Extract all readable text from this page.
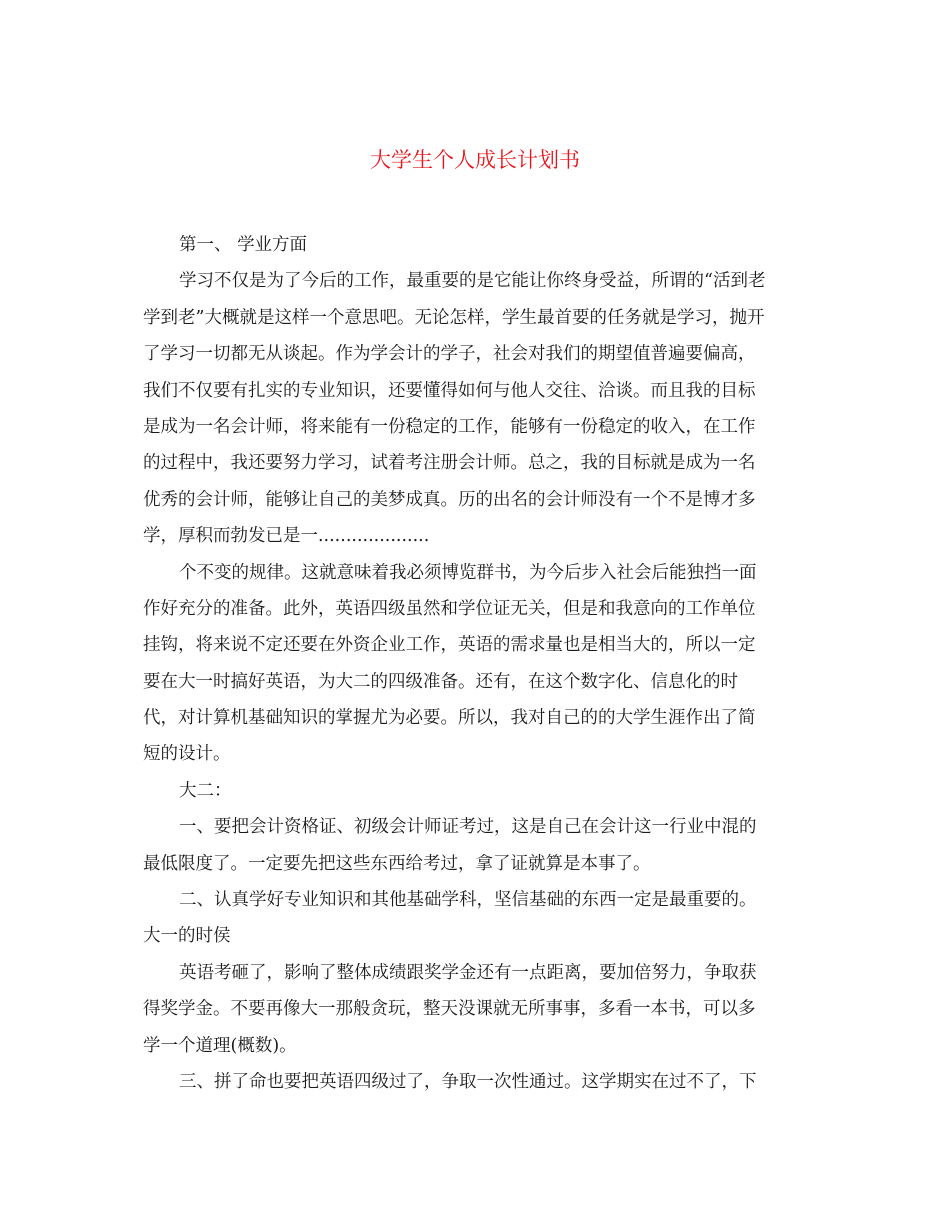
大学生个人成长计划书
第一、 学业方面
学习不仅是为了今后的工作，最重要的是它能让你终身受益，所谓的“活到老
学到老”大概就是这样一个意思吧。无论怎样，学生最首要的任务就是学习，抛开
了学习一切都无从谈起。作为学会计的学子，社会对我们的期望值普遍要偏高，
我们不仅要有扎实的专业知识，还要懂得如何与他人交往、洽谈。而且我的目标
是成为一名会计师，将来能有一份稳定的工作，能够有一份稳定的收入，在工作
的过程中，我还要努力学习，试着考注册会计师。总之，我的目标就是成为一名
优秀的会计师，能够让自己的美梦成真。历的出名的会计师没有一个不是博才多
学，厚积而勃发已是一....................
个不变的规律。这就意味着我必须博览群书，为今后步入社会后能独挡一面
作好充分的准备。此外，英语四级虽然和学位证无关，但是和我意向的工作单位
挂钩，将来说不定还要在外资企业工作，英语的需求量也是相当大的，所以一定
要在大一时搞好英语，为大二的四级准备。还有，在这个数字化、信息化的时
代，对计算机基础知识的掌握尤为必要。所以，我对自己的的大学生涯作出了简
短的设计。
大二：
一、要把会计资格证、初级会计师证考过，这是自己在会计这一行业中混的
最低限度了。一定要先把这些东西给考过，拿了证就算是本事了。
二、认真学好专业知识和其他基础学科，坚信基础的东西一定是最重要的。
大一的时侯
英语考砸了，影响了整体成绩跟奖学金还有一点距离，要加倍努力，争取获
得奖学金。不要再像大一那般贪玩，整天没课就无所事事，多看一本书，可以多
学一个道理(概数)。
三、拼了命也要把英语四级过了，争取一次性通过。这学期实在过不了，下
